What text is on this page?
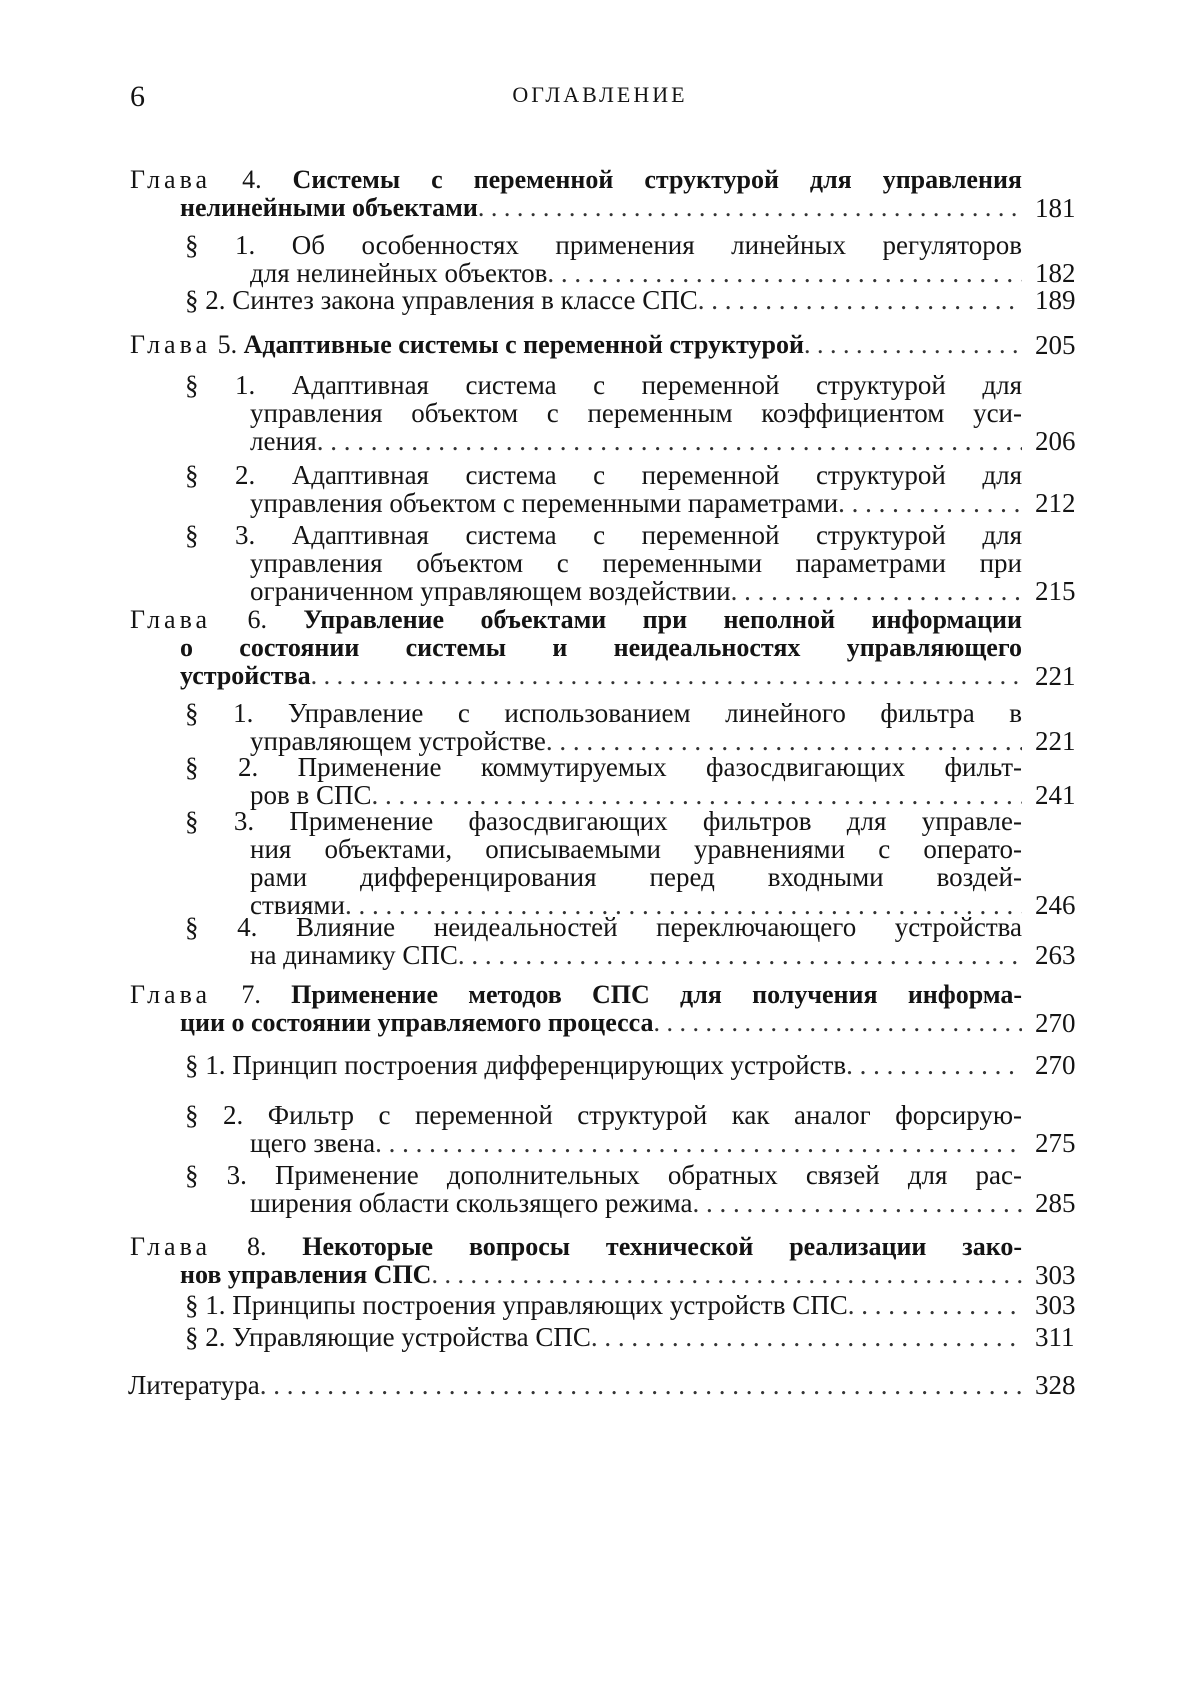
6	ОГЛАВЛЕНИЕ
Глава 4. Системы с переменной структурой для управления
181
нелинейными объектами
. . .
§ 1. Об особенностях применения линейных регуляторов
182
для нелинейных объектов
. . .
189
§ 2. Синтез закона управления в классе СПС
. . .
205
Глава 5. Адаптивные системы с переменной структурой
. . .
§ 1. Адаптивная система с переменной структурой для
управления объектом с переменным коэффициентом уси-
206
ления
. . .
§ 2. Адаптивная система с переменной структурой для
212
управления объектом с переменными параметрами
. . .
§ 3. Адаптивная система с переменной структурой для
управления объектом с переменными параметрами при
215
ограниченном управляющем воздействии
. . .
Глава 6. Управление объектами при неполной информации
о состоянии системы и неидеальностях управляющего
221
устройства
. . .
§ 1. Управление с использованием линейного фильтра в
221
управляющем устройстве
. . .
§ 2. Применение коммутируемых фазосдвигающих фильт-
241
ров в СПС
. . .
§ 3. Применение фазосдвигающих фильтров для управле-
ния объектами, описываемыми уравнениями с операто-
рами дифференцирования перед входными воздей-
246
ствиями
. . .
§ 4. Влияние неидеальностей переключающего устройства
263
на динамику СПС
. . .
Глава 7. Применение методов СПС для получения информа-
270
ции о состоянии управляемого процесса
. . .
270
§ 1. Принцип построения дифференцирующих устройств
. . .
§ 2. Фильтр с переменной структурой как аналог форсирую-
275
щего звена
. . .
§ 3. Применение дополнительных обратных связей для рас-
285
ширения области скользящего режима
. . .
Глава 8. Некоторые вопросы технической реализации зако-
303
нов управления СПС
. . .
303
§ 1. Принципы построения управляющих устройств СПС
. . .
311
§ 2. Управляющие устройства СПС
. . .
328
Литература
. . .
